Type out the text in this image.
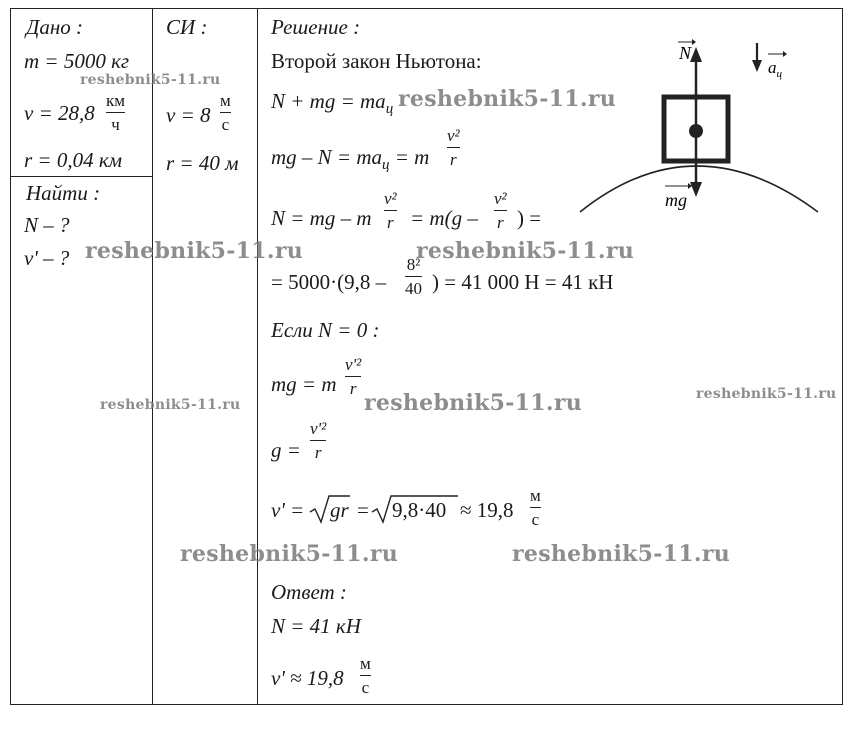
Дано :
m = 5000 кг
v = 28,8
км
ч
r = 0,04 км
Найти :
N – ?
v' – ?
СИ :
v = 8
м
с
r = 40 м
Решение :
Второй закон Ньютона:
N + mg = $ma_ц$
mg – $N = ma_ц = m$
v²
r
N = mg – m
v²
r = m(g –
v²
r ) =
= 5000·(9,8 –
8²
40 ) = 41 000 Н = 41 кН
Если N = 0 :
mg = m
v'²
r
g =
v'²
r
v' = gr = 9,8·40 ≈ 19,8
м
с
Ответ :
N = 41 кН
v' ≈ 19,8
м
с
N
$a_ц$
mg
reshebnik5-11.ru
reshebnik5-11.ru
reshebnik5-11.ru	reshebnik5-11.ru
reshebnik5-11.ru	reshebnik5-11.ru	reshebnik5-11.ru
reshebnik5-11.ru	reshebnik5-11.ru
